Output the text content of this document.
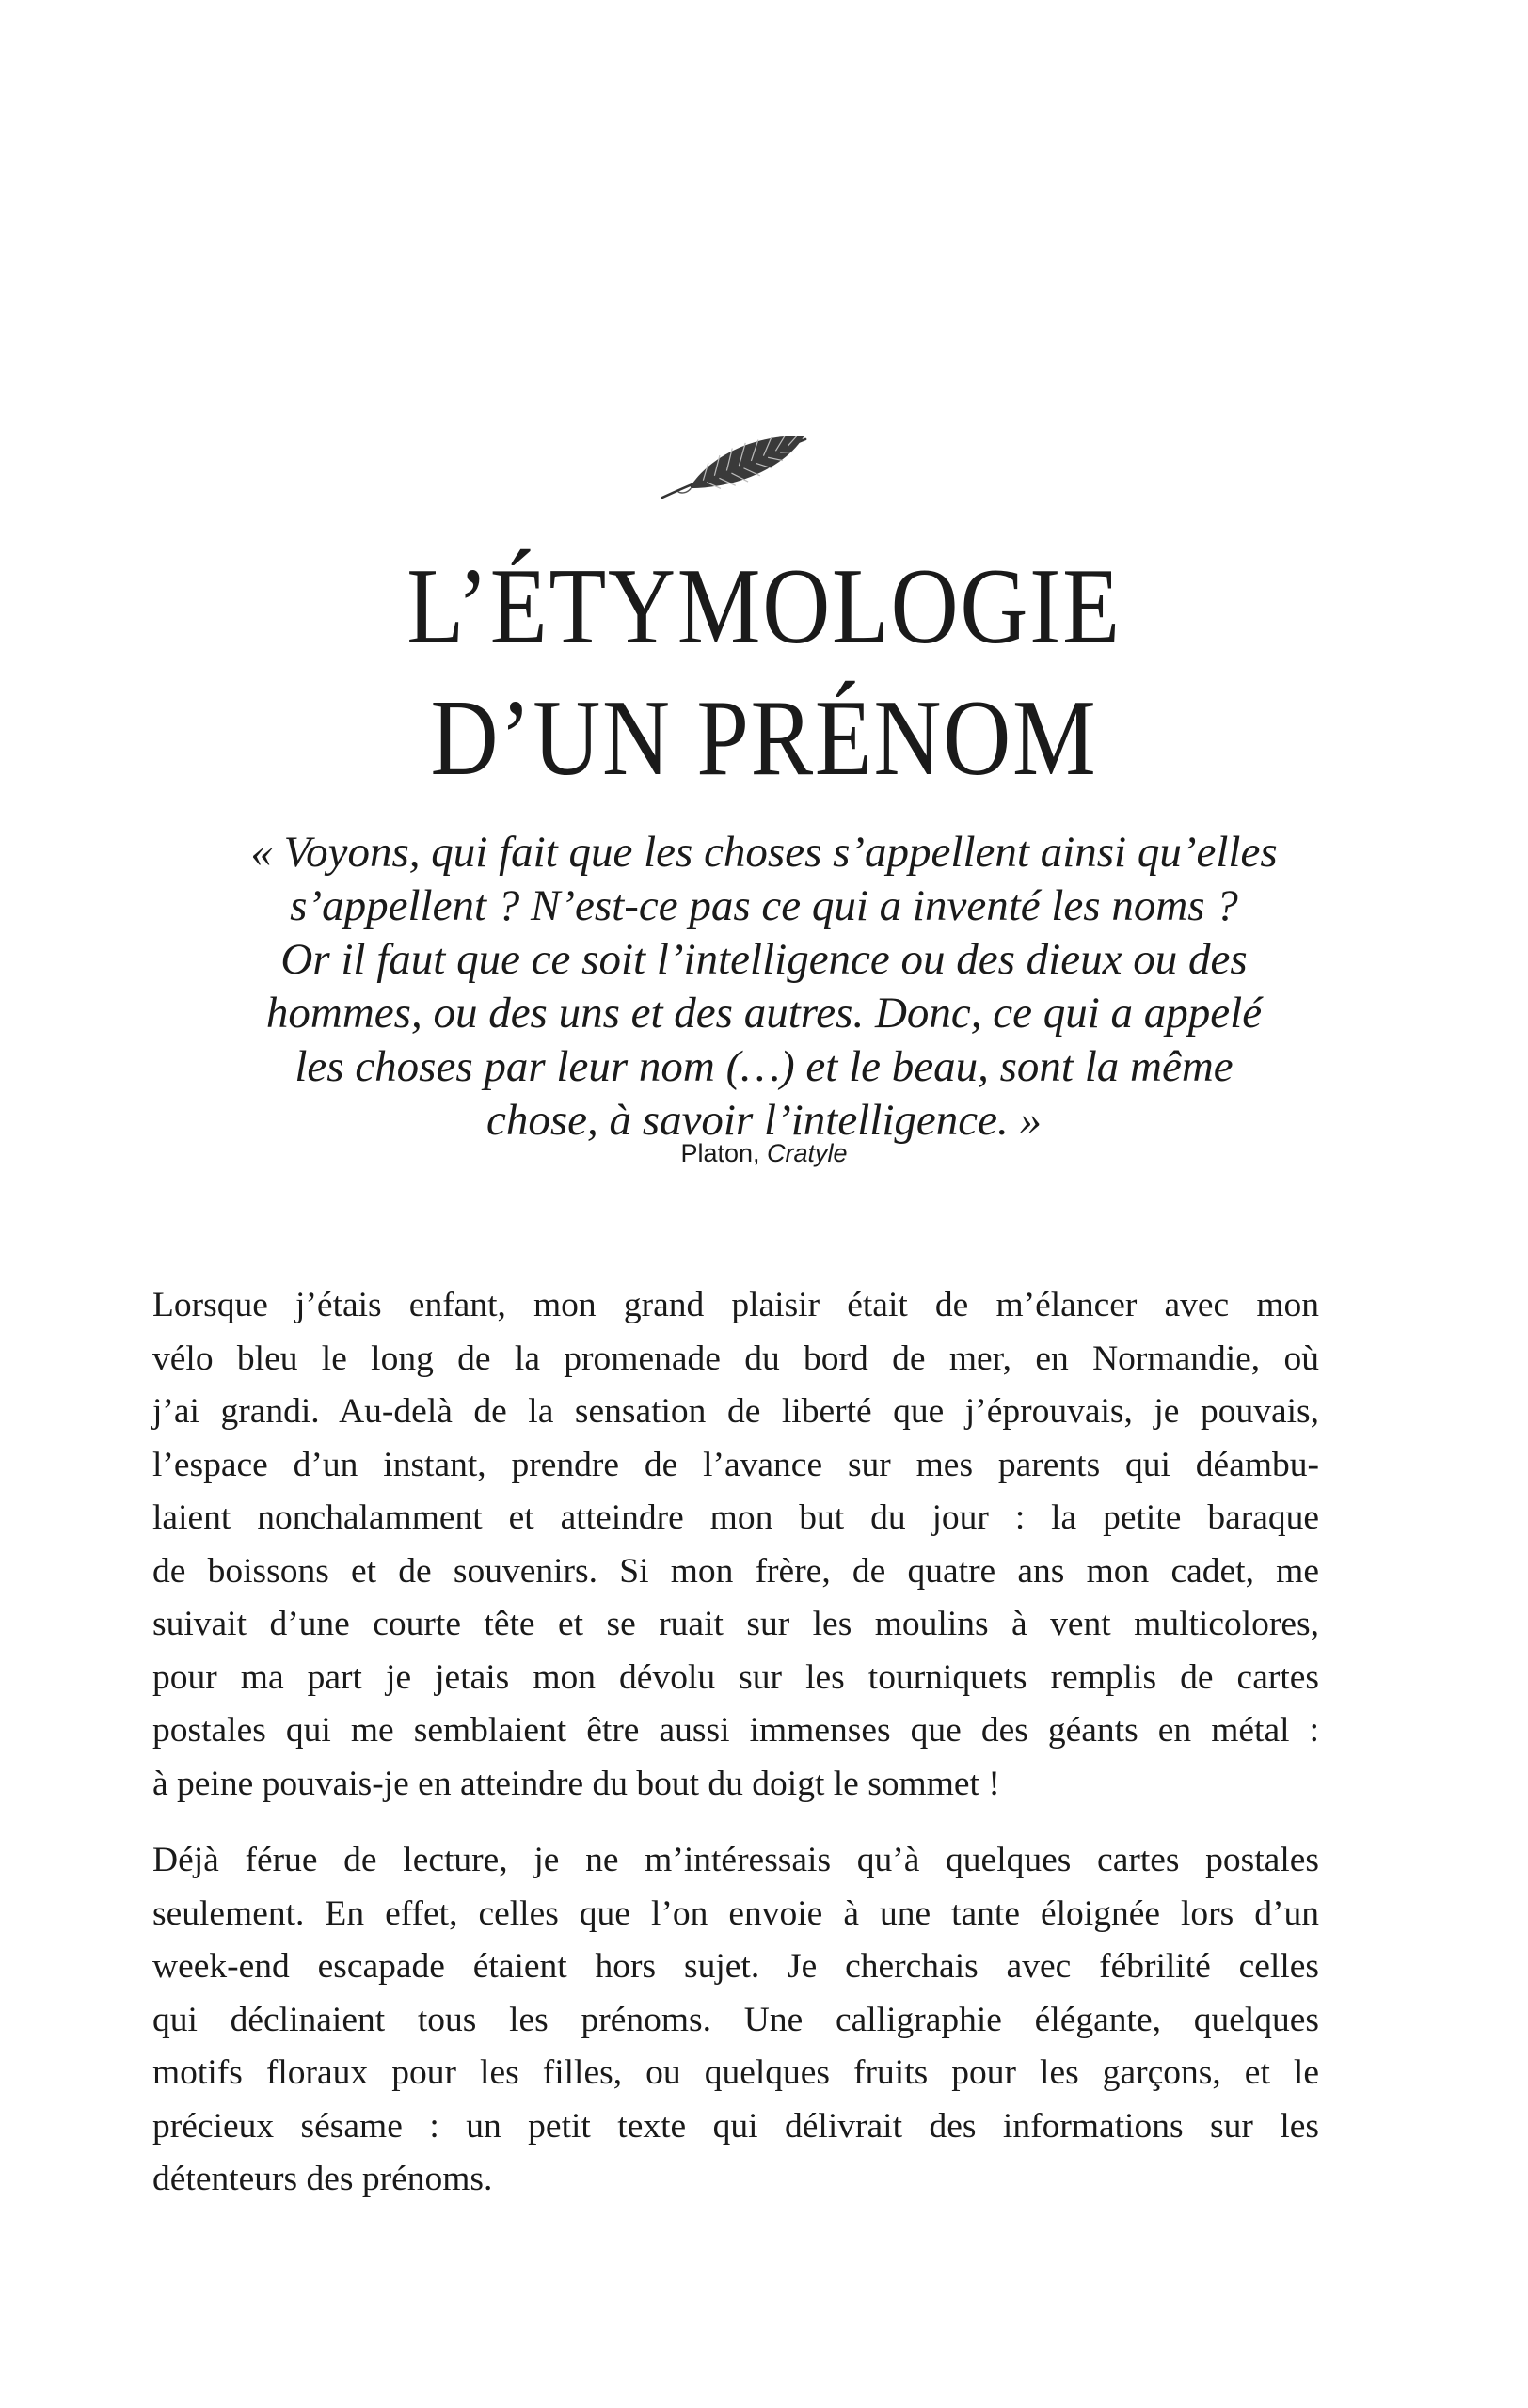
L’ÉTYMOLOGIE
D’UN PRÉNOM

« Voyons, qui fait que les choses s’appellent ainsi qu’elles
s’appellent ? N’est-ce pas ce qui a inventé les noms ?
Or il faut que ce soit l’intelligence ou des dieux ou des
hommes, ou des uns et des autres. Donc, ce qui a appelé
les choses par leur nom (…) et le beau, sont la même
chose, à savoir l’intelligence. »

Platon, Cratyle

Lorsque j’étais enfant, mon grand plaisir était de m’élancer avec mon
vélo bleu le long de la promenade du bord de mer, en Normandie, où
j’ai grandi. Au-delà de la sensation de liberté que j’éprouvais, je pouvais,
l’espace d’un instant, prendre de l’avance sur mes parents qui déambu-
laient nonchalamment et atteindre mon but du jour : la petite baraque
de boissons et de souvenirs. Si mon frère, de quatre ans mon cadet, me
suivait d’une courte tête et se ruait sur les moulins à vent multicolores,
pour ma part je jetais mon dévolu sur les tourniquets remplis de cartes
postales qui me semblaient être aussi immenses que des géants en métal :
à peine pouvais-je en atteindre du bout du doigt le sommet !

Déjà férue de lecture, je ne m’intéressais qu’à quelques cartes postales
seulement. En effet, celles que l’on envoie à une tante éloignée lors d’un
week-end escapade étaient hors sujet. Je cherchais avec fébrilité celles
qui déclinaient tous les prénoms. Une calligraphie élégante, quelques
motifs floraux pour les filles, ou quelques fruits pour les garçons, et le
précieux sésame : un petit texte qui délivrait des informations sur les
détenteurs des prénoms.
